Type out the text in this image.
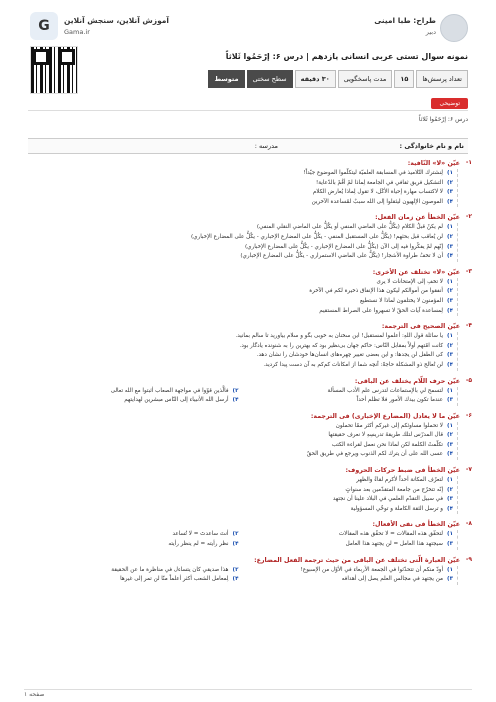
طراح: طبا امینی
دبیر
G	آموزش آنلاین، سنجش آنلاین
Gama.ir
نمونه سوال تستی عربی انسانی یازدهم | درس ۶: إرْحَمُوا ثَلاثاً
تعداد پرسش‌ها
۱۵
مدت پاسخگویی
۳۰ دقیقه
سطح سختی
متوسط
توضیحی
درس ۶: إرْحَمُوا ثَلاثاً
نام و نام خانوادگی :
مدرسه :
۱-
عیّن «لا» النّافیة:
۱)
لِنشترك التّلاميذ في المسابقة العلميّة ليتكلّموا الموضوع جيّداً!
۲)
التشكيل فريق ثقافي في الجامعة لِماذا لمْ أقُمْ بالدّعاية!
۳)
لا لاكتساب مهارة إحياة الأكَل، لا تقول لِماذا يُعارض الكلام
۴)
الموصون الإلهيون ليثقلوا إلى الله سببٌ لمُساعدة الآخرين
۲-
عیّن الخطأ عن زمان الفعل:
۱)
لم يكنْ قبلُ الكلام (يكُلُّ على الماضي المنفي أو يكُلُّ على الماضي النقلي المنفي)
۲)
لن يُعاقب قبل بحثهم! (يكُلُّ على المستقبل المنفي - يكُلُّ على المضارع الإخباري - يكُلُّ على المضارع الإخباري)
۳)
إنّهم لمْ يفكّروا فيه إلى الآن (يكُلُّ على المضارع الإخباري - يكُلُّ على المضارع الإخباري)
۴)
أن لا تخفُ طراوة الأشجار! (يكُلُّ على الماضي الاستمراري - يكُلُّ على المضارع الإخباري)
۳-
عیّن «لا» تختلف عن الأخرى:
۱)
لا تخفِ إلى الإمتحانات لا يرى
۲)
أنفقوا من أموالكم ليكون هذا الإنفاق ذخيرة لكم في الآخرة
۳)
المؤمنون لا يختلفون لماذا لا نستطيع
۴)
لِمساعدة آيات الحقّ لا تسهروا على الصراط المستقيم
۴-
عیّن الصحیح فی الترجمة:
۱)
یا سائلة قول اللهِ: أعلموا لمستقبل! این سخنان به خوبی بگو و سلام بیاورید تا سالم بمانید.
۲)
کانت امّتهم أولاً بمقابل النّاس: حاکم جهان بی‌نظیر بود که بهترین را به شنونده یادگار بود.
۳)
کی الطفل لن یجدها: و این بعضی تغییر چهره‌های انسان‌ها خودشان را نشان دهد.
۴)
لن تُعالج ذو المشکلة حاجةً: آنچه شما از امکانات کم‌کم به آن دست پیدا کردید.
۵-
عیّن حرف اللّام یختلف عن الباقی:
۱)
لتسمح لي بالإستماعات لتدرس علم الأدب المسألة
۲)
فالَّذين قوّوا في مواجهة الصعاب أثبتوا مع الله تعالى
۳)
عندما تكون بيدك الأمور فلا تظلم أحداً
۴)
أرسل الله الأنبياء إلى النّاس مبشرين لهدايتهم
۶-
عیّن ما لا یعادل (المضارع الإخباری) فی الترجمة:
۱)
لا تحملوا مساوئكم إلى غيركم أكثر ممّا تحملون
۲)
قال المدرّس لتلك طريقةَ تدريسِهِ لا نعرف حقيقتها
۳)
تكلّمتْ الكلمة لكن لماذا نحن نعمل لقراءة الكتب
۴)
عسى الله على أن يترك لكم الذنوب ويرجع في طريق الحقّ
۷-
عیّن الخطأ فی ضبط حرکات الحروف:
۱)
لتعرّف المكانة أحداً لأكرم لقاءً والظهر
۲)
إنّه تتخرّج من جامعة المتقدّمين بعد سنواتٍ
۳)
في سبيل التقدّم العلمي في البلاد علينا أن نجتهد
۴)
و ترسل الثقة الكاملة و توخّي المسؤولية
۸-
عیّن الخطأ فی نفی الأفعال:
۱)
لتحقّق هذه المقالات = لا تحقّق هذه المقالات
۲)
أنتَ ساعدتَ = لا تُساعد
۳)
سيجتهد هذا العامل = لن يجتهد هذا العامل
۴)
نظر رأيته = لم ينظر رأيته
۹-
عیّن العبارة الّتی تختلف عن الباقی من حیث ترجمة الفعل المضارع:
۱)
أودّ منكم أن تتحدّثوا في الجمعة الأربعاء في الأوّل من الإسبوع!
۲)
هذا صديقي كان يتساءل في مناظرة ما عن الحقيقة
۳)
من يجتهد في مجالس العلم يصل إلى أهدافه
۴)
لِمعامل الشعب أكثر أعلماً منّا لن تمر إلى غيرها
صفحه ۱
